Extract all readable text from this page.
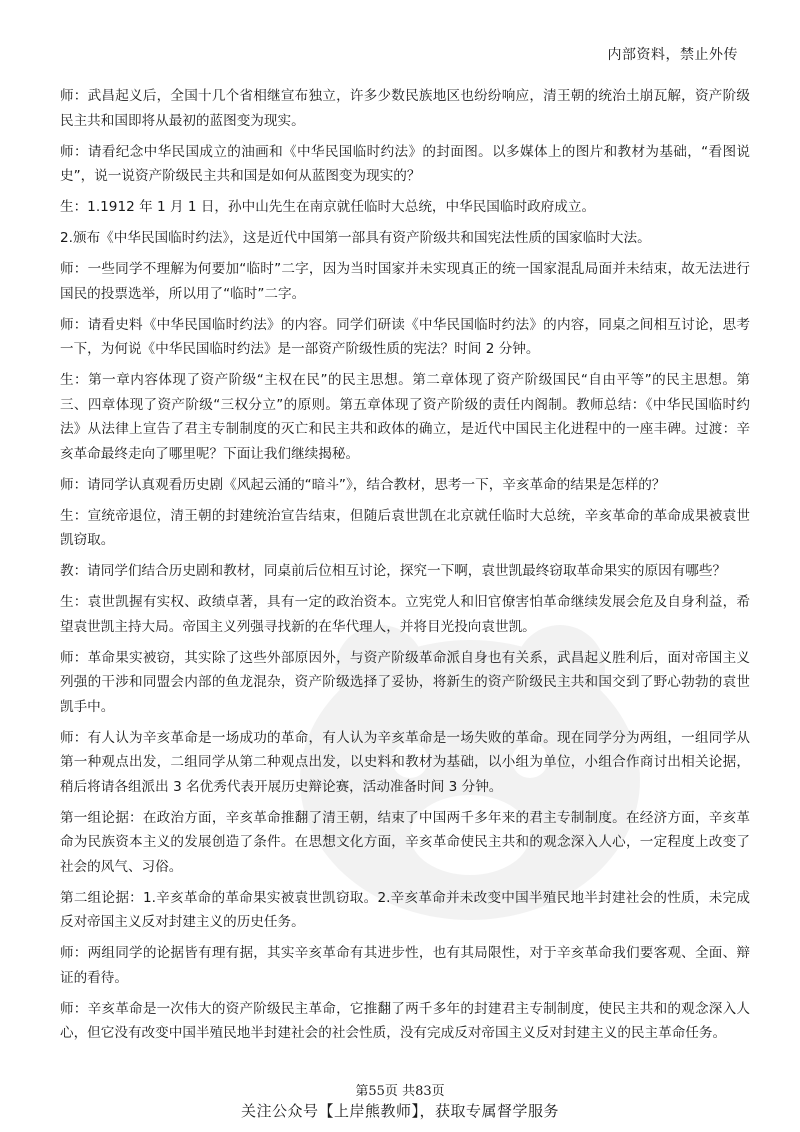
内部资料，禁止外传

师：武昌起义后，全国十几个省相继宣布独立，许多少数民族地区也纷纷响应，清王朝的统治土崩瓦解，资产阶级民主共和国即将从最初的蓝图变为现实。

师：请看纪念中华民国成立的油画和《中华民国临时约法》的封面图。以多媒体上的图片和教材为基础，“看图说史”，说一说资产阶级民主共和国是如何从蓝图变为现实的？

生：1.1912 年 1 月 1 日，孙中山先生在南京就任临时大总统，中华民国临时政府成立。

2.颁布《中华民国临时约法》，这是近代中国第一部具有资产阶级共和国宪法性质的国家临时大法。

师：一些同学不理解为何要加“临时”二字，因为当时国家并未实现真正的统一国家混乱局面并未结束，故无法进行国民的投票选举，所以用了“临时”二字。

师：请看史料《中华民国临时约法》的内容。同学们研读《中华民国临时约法》的内容，同桌之间相互讨论，思考一下，为何说《中华民国临时约法》是一部资产阶级性质的宪法？时间 2 分钟。

生：第一章内容体现了资产阶级“主权在民”的民主思想。第二章体现了资产阶级国民“自由平等”的民主思想。第三、四章体现了资产阶级“三权分立”的原则。第五章体现了资产阶级的责任内阁制。教师总结：《中华民国临时约法》从法律上宣告了君主专制制度的灭亡和民主共和政体的确立，是近代中国民主化进程中的一座丰碑。过渡：辛亥革命最终走向了哪里呢？下面让我们继续揭秘。

师：请同学认真观看历史剧《风起云涌的“暗斗”》，结合教材，思考一下，辛亥革命的结果是怎样的？

生：宣统帝退位，清王朝的封建统治宣告结束，但随后袁世凯在北京就任临时大总统，辛亥革命的革命成果被袁世凯窃取。

教：请同学们结合历史剧和教材，同桌前后位相互讨论，探究一下啊，袁世凯最终窃取革命果实的原因有哪些？

生：袁世凯握有实权、政绩卓著，具有一定的政治资本。立宪党人和旧官僚害怕革命继续发展会危及自身利益，希望袁世凯主持大局。帝国主义列强寻找新的在华代理人，并将目光投向袁世凯。

师：革命果实被窃，其实除了这些外部原因外，与资产阶级革命派自身也有关系，武昌起义胜利后，面对帝国主义列强的干涉和同盟会内部的鱼龙混杂，资产阶级选择了妥协，将新生的资产阶级民主共和国交到了野心勃勃的袁世凯手中。

师：有人认为辛亥革命是一场成功的革命，有人认为辛亥革命是一场失败的革命。现在同学分为两组，一组同学从第一种观点出发，二组同学从第二种观点出发，以史料和教材为基础，以小组为单位，小组合作商讨出相关论据，稍后将请各组派出 3 名优秀代表开展历史辩论赛，活动准备时间 3 分钟。

第一组论据：在政治方面，辛亥革命推翻了清王朝，结束了中国两千多年来的君主专制制度。在经济方面，辛亥革命为民族资本主义的发展创造了条件。在思想文化方面，辛亥革命使民主共和的观念深入人心，一定程度上改变了社会的风气、习俗。

第二组论据：1.辛亥革命的革命果实被袁世凯窃取。2.辛亥革命并未改变中国半殖民地半封建社会的性质，未完成反对帝国主义反对封建主义的历史任务。

师：两组同学的论据皆有理有据，其实辛亥革命有其进步性，也有其局限性，对于辛亥革命我们要客观、全面、辩证的看待。

师：辛亥革命是一次伟大的资产阶级民主革命，它推翻了两千多年的封建君主专制制度，使民主共和的观念深入人心，但它没有改变中国半殖民地半封建社会的社会性质，没有完成反对帝国主义反对封建主义的民主革命任务。

第55页 共83页
关注公众号【上岸熊教师】，获取专属督学服务
